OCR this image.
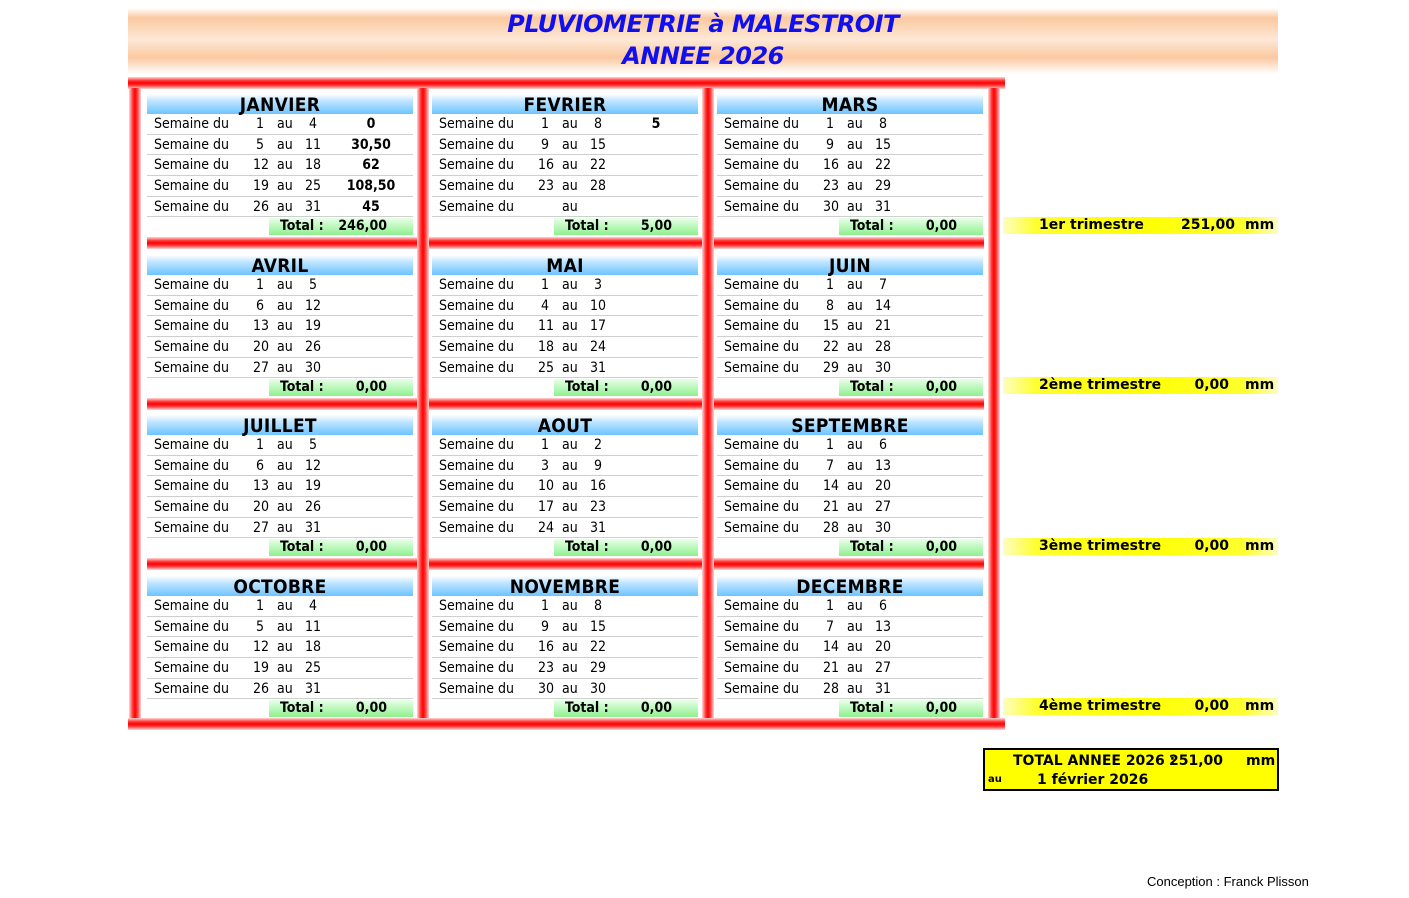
PLUVIOMETRIE à MALESTROIT
ANNEE 2026
JANVIER
Semaine du 1 au	4	0
Semaine du 5 au 11	30,50
Semaine du 12 au 18	62
Semaine du 19 au 25	108,50
Semaine du 26 au 31	45
Total : 246,00
FEVRIER
Semaine du 1 au	8	5
Semaine du 9 au 15
Semaine du 16 au 22
Semaine du 23 au 28
Semaine du	au
Total : 5,00
MARS
Semaine du 1 au	8
Semaine du 9 au 15
Semaine du 16 au 22
Semaine du 23 au 29
Semaine du 30 au 31
Total : 0,00
AVRIL
Semaine du 1 au	5
Semaine du 6 au 12
Semaine du 13 au 19
Semaine du 20 au 26
Semaine du 27 au 30
Total : 0,00
MAI
Semaine du 1 au	3
Semaine du 4 au 10
Semaine du 11 au 17
Semaine du 18 au 24
Semaine du 25 au 31
Total : 0,00
JUIN
Semaine du 1 au	7
Semaine du 8 au 14
Semaine du 15 au 21
Semaine du 22 au 28
Semaine du 29 au 30
Total : 0,00
JUILLET
Semaine du 1 au	5
Semaine du 6 au 12
Semaine du 13 au 19
Semaine du 20 au 26
Semaine du 27 au 31
Total : 0,00
AOUT
Semaine du 1 au	2
Semaine du 3 au	9
Semaine du 10 au 16
Semaine du 17 au 23
Semaine du 24 au 31
Total : 0,00
SEPTEMBRE
Semaine du 1 au	6
Semaine du 7 au 13
Semaine du 14 au 20
Semaine du 21 au 27
Semaine du 28 au 30
Total : 0,00
OCTOBRE
Semaine du 1 au	4
Semaine du 5 au 11
Semaine du 12 au 18
Semaine du 19 au 25
Semaine du 26 au 31
Total : 0,00
NOVEMBRE
Semaine du 1 au	8
Semaine du 9 au 15
Semaine du 16 au 22
Semaine du 23 au 29
Semaine du 30 au 30
Total : 0,00
DECEMBRE
Semaine du 1 au	6
Semaine du 7 au 13
Semaine du 14 au 20
Semaine du 21 au 27
Semaine du 28 au 31
Total : 0,00
1er trimestre	251,00 mm
2ème trimestre	0,00 mm
3ème trimestre	0,00 mm
4ème trimestre	0,00 mm
TOTAL ANNEE 2026 :
251,00 mm
au	1 février 2026
Conception : Franck Plisson
